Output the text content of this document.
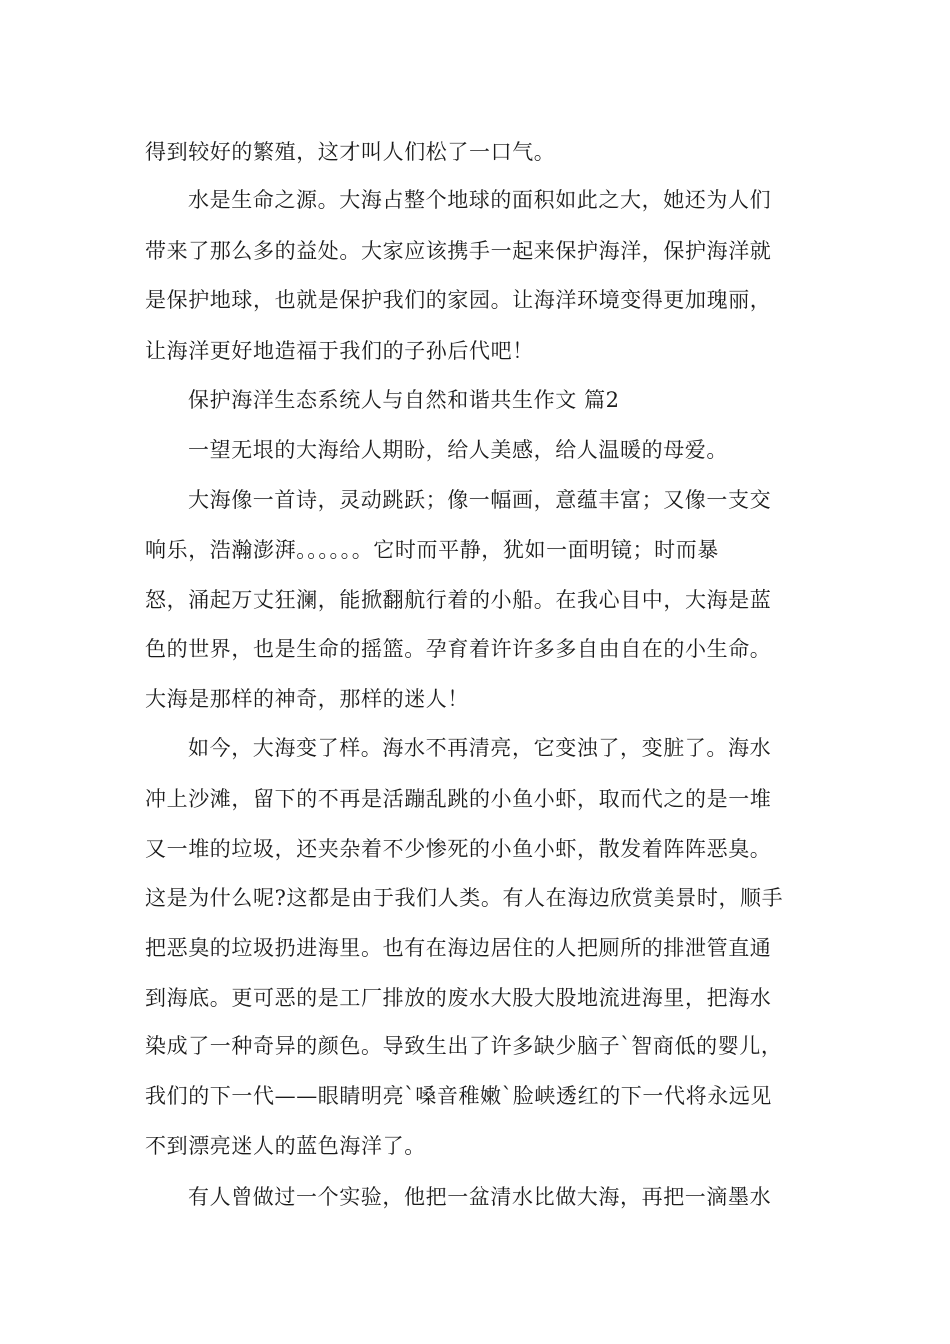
得到较好的繁殖，这才叫人们松了一口气。
水是生命之源。大海占整个地球的面积如此之大，她还为人们
带来了那么多的益处。大家应该携手一起来保护海洋，保护海洋就
是保护地球，也就是保护我们的家园。让海洋环境变得更加瑰丽，
让海洋更好地造福于我们的子孙后代吧！
保护海洋生态系统人与自然和谐共生作文 篇2
一望无垠的大海给人期盼，给人美感，给人温暖的母爱。
大海像一首诗，灵动跳跃；像一幅画，意蕴丰富；又像一支交
响乐，浩瀚澎湃。。。。。。它时而平静，犹如一面明镜；时而暴
怒，涌起万丈狂澜，能掀翻航行着的小船。在我心目中，大海是蓝
色的世界，也是生命的摇篮。孕育着许许多多自由自在的小生命。
大海是那样的神奇，那样的迷人！
如今，大海变了样。海水不再清亮，它变浊了，变脏了。海水
冲上沙滩，留下的不再是活蹦乱跳的小鱼小虾，取而代之的是一堆
又一堆的垃圾，还夹杂着不少惨死的小鱼小虾，散发着阵阵恶臭。
这是为什么呢?这都是由于我们人类。有人在海边欣赏美景时，顺手
把恶臭的垃圾扔进海里。也有在海边居住的人把厕所的排泄管直通
到海底。更可恶的是工厂排放的废水大股大股地流进海里，把海水
染成了一种奇异的颜色。导致生出了许多缺少脑子`智商低的婴儿，
我们的下一代——眼睛明亮`嗓音稚嫩`脸峡透红的下一代将永远见
不到漂亮迷人的蓝色海洋了。
有人曾做过一个实验，他把一盆清水比做大海，再把一滴墨水
